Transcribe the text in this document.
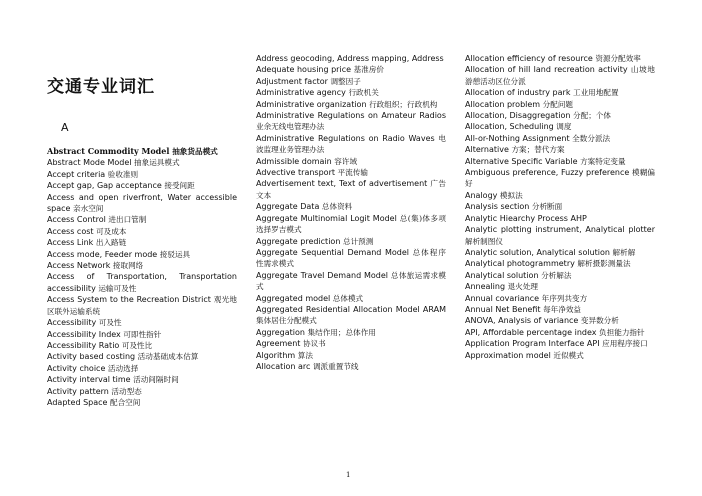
交通专业词汇
A
Abstract Commodity Model 抽象货品模式
Abstract Mode Model 抽象运具模式
Accept criteria 验收准则
Accept gap, Gap acceptance 接受间距
Access and open riverfront, Water accessible space 亲水空间
Access Control 进出口管制
Access cost 可及成本
Access Link 出入路链
Access mode, Feeder mode 接驳运具
Access Network 接取网络
Access of Transportation, Transportation accessibility 运输可及性
Access System to the Recreation District 观光地区联外运输系统
Accessibility 可及性
Accessibility Index 可即性指针
Accessibility Ratio 可及性比
Activity based costing 活动基础成本估算
Activity choice 活动选择
Activity interval time 活动间隔时间
Activity pattern 活动型态
Adapted Space 配合空间
Address geocoding, Address mapping, Address
Adequate housing price 基准房价
Adjustment factor 调整因子
Administrative agency 行政机关
Administrative organization 行政组织；行政机构
Administrative Regulations on Amateur Radios 业余无线电管理办法
Administrative Regulations on Radio Waves 电波监理业务管理办法
Admissible domain 容许域
Advective transport 平流传输
Advertisement text, Text of advertisement 广告文本
Aggregate Data 总体资料
Aggregate Multinomial Logit Model 总(集)体多项选择罗吉模式
Aggregate prediction 总计预测
Aggregate Sequential Demand Model 总体程序性需求模式
Aggregate Travel Demand Model 总体旅运需求模式
Aggregated model 总体模式
Aggregated Residential Allocation Model ARAM 集体居住分配模式
Aggregation 集结作用；总体作用
Agreement 协议书
Algorithm 算法
Allocation arc 调派重置节线
Allocation efficiency of resource 资源分配效率
Allocation of hill land recreation activity 山坡地游憩活动区位分派
Allocation of industry park 工业用地配置
Allocation problem 分配问题
Allocation, Disaggregation 分配；个体
Allocation, Scheduling 调度
All-or-Nothing Assignment 全数分派法
Alternative 方案；替代方案
Alternative Specific Variable 方案特定变量
Ambiguous preference, Fuzzy preference 模糊偏好
Analogy 模拟法
Analysis section 分析断面
Analytic Hiearchy Process AHP
Analytic plotting instrument, Analytical plotter 解析制图仪
Analytic solution, Analytical solution 解析解
Analytical photogrammetry 解析摄影测量法
Analytical solution 分析解法
Annealing 退火处理
Annual covariance 年序列共变方
Annual Net Benefit 每年净效益
ANOVA, Analysis of variance 变异数分析
API, Affordable percentage index 负担能力指针
Application Program Interface API 应用程序接口
Approximation model 近似模式
1
